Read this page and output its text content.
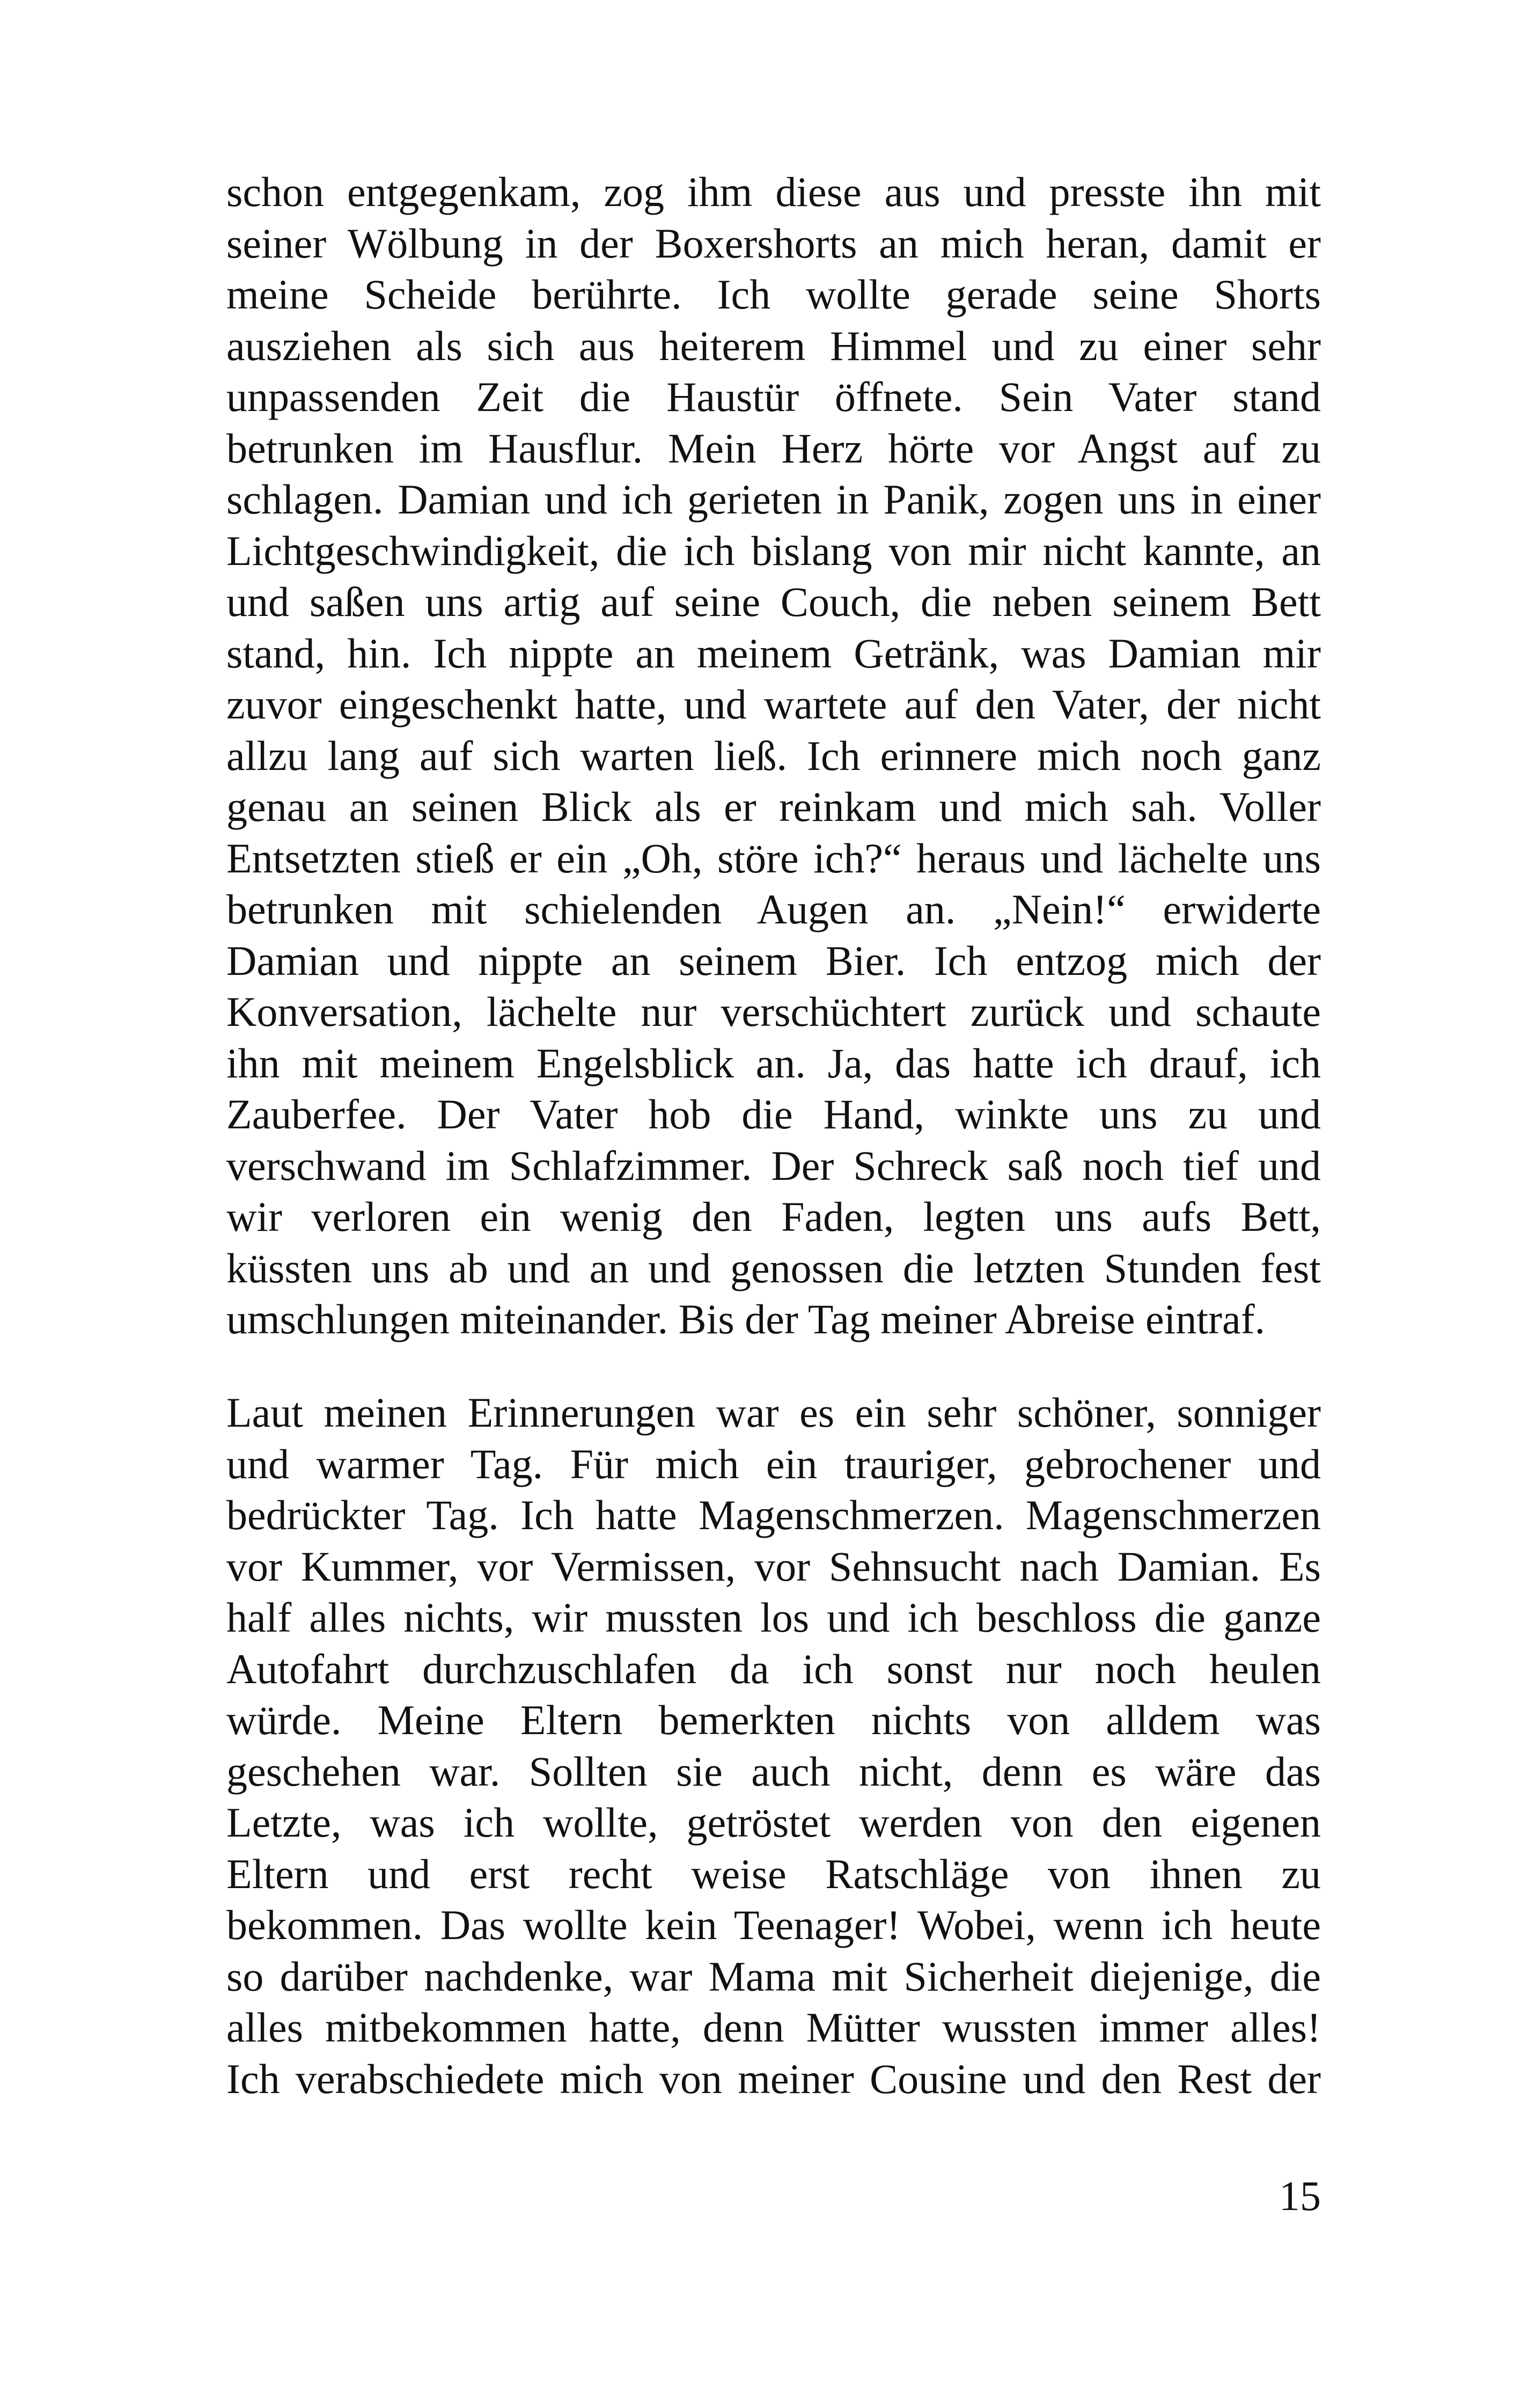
schon entgegenkam, zog ihm diese aus und presste ihn mit
seiner Wölbung in der Boxershorts an mich heran, damit er
meine Scheide berührte. Ich wollte gerade seine Shorts
ausziehen als sich aus heiterem Himmel und zu einer sehr
unpassenden Zeit die Haustür öffnete. Sein Vater stand
betrunken im Hausflur. Mein Herz hörte vor Angst auf zu
schlagen. Damian und ich gerieten in Panik, zogen uns in einer
Lichtgeschwindigkeit, die ich bislang von mir nicht kannte, an
und saßen uns artig auf seine Couch, die neben seinem Bett
stand, hin. Ich nippte an meinem Getränk, was Damian mir
zuvor eingeschenkt hatte, und wartete auf den Vater, der nicht
allzu lang auf sich warten ließ. Ich erinnere mich noch ganz
genau an seinen Blick als er reinkam und mich sah. Voller
Entsetzten stieß er ein „Oh, störe ich?“ heraus und lächelte uns
betrunken mit schielenden Augen an. „Nein!“ erwiderte
Damian und nippte an seinem Bier. Ich entzog mich der
Konversation, lächelte nur verschüchtert zurück und schaute
ihn mit meinem Engelsblick an. Ja, das hatte ich drauf, ich
Zauberfee. Der Vater hob die Hand, winkte uns zu und
verschwand im Schlafzimmer. Der Schreck saß noch tief und
wir verloren ein wenig den Faden, legten uns aufs Bett,
küssten uns ab und an und genossen die letzten Stunden fest
umschlungen miteinander. Bis der Tag meiner Abreise eintraf.
Laut meinen Erinnerungen war es ein sehr schöner, sonniger
und warmer Tag. Für mich ein trauriger, gebrochener und
bedrückter Tag. Ich hatte Magenschmerzen. Magenschmerzen
vor Kummer, vor Vermissen, vor Sehnsucht nach Damian. Es
half alles nichts, wir mussten los und ich beschloss die ganze
Autofahrt durchzuschlafen da ich sonst nur noch heulen
würde. Meine Eltern bemerkten nichts von alldem was
geschehen war. Sollten sie auch nicht, denn es wäre das
Letzte, was ich wollte, getröstet werden von den eigenen
Eltern und erst recht weise Ratschläge von ihnen zu
bekommen. Das wollte kein Teenager! Wobei, wenn ich heute
so darüber nachdenke, war Mama mit Sicherheit diejenige, die
alles mitbekommen hatte, denn Mütter wussten immer alles!
Ich verabschiedete mich von meiner Cousine und den Rest der
15
